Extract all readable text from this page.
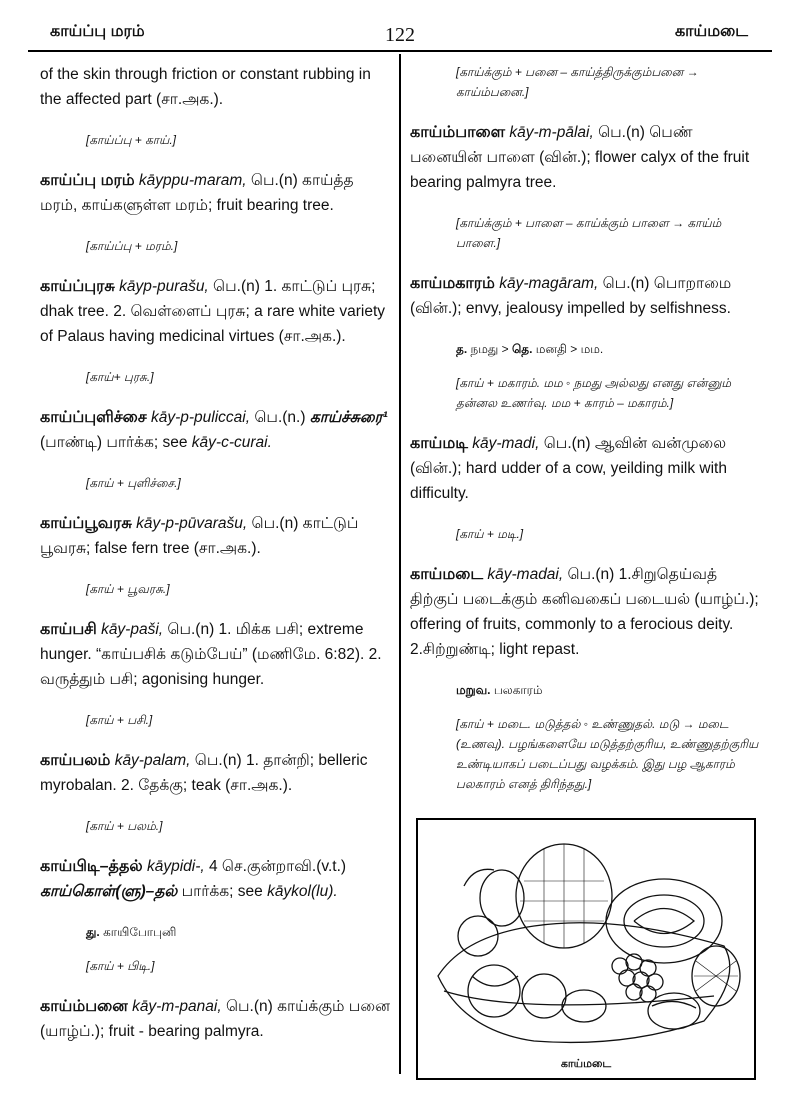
காய்ப்பு மரம்	122	காய்மடை

of the skin through friction or constant rubbing in the affected part (சா.அக.).

[காய்ப்பு + காய்.]

காய்ப்பு மரம் kāyppu-maram, பெ.(n) காய்த்த மரம், காய்களுள்ள மரம்; fruit bearing tree.

[காய்ப்பு + மரம்.]

காய்ப்புரசு kāyp-purašu, பெ.(n) 1. காட்டுப் புரசு; dhak tree. 2. வெள்ளைப் புரசு; a rare white variety of Palaus having medicinal virtues (சா.அக.).

[காய்+ புரசு.]

காய்ப்புளிச்சை kāy-p-puliccai, பெ.(n.) காய்ச்சுரை¹ (பாண்டி) பார்க்க; see kāy-c-curai.

[காய் + புளிச்சை.]

காய்ப்பூவரசு kāy-p-pūvarašu, பெ.(n) காட்டுப் பூவரசு; false fern tree (சா.அக.).

[காய் + பூவரசு.]

காய்பசி kāy-paši, பெ.(n) 1. மிக்க பசி; extreme hunger. “காய்பசிக் கடும்பேய்” (மணிமே. 6:82). 2. வருத்தும் பசி; agonising hunger.

[காய் + பசி.]

காய்பலம் kāy-palam, பெ.(n) 1. தான்றி; belleric myrobalan. 2. தேக்கு; teak (சா.அக.).

[காய் + பலம்.]

காய்பிடி–த்தல் kāypidi-, 4 செ.குன்றாவி.(v.t.) காய்கொள்(ளு)–தல் பார்க்க; see kāykol(lu).

து. காயிபோபுனி

[காய் + பிடி.]

காய்ம்பனை kāy-m-panai, பெ.(n) காய்க்கும் பனை (யாழ்ப்.); fruit - bearing palmyra.

[காய்க்கும் + பனை – காய்த்திருக்கும்பனை → காய்ம்பனை.]

காய்ம்பாளை kāy-m-pālai, பெ.(n) பெண் பனையின் பாளை (வின்.); flower calyx of the fruit bearing palmyra tree.

[காய்க்கும் + பாளை – காய்க்கும் பாளை → காய்ம் பாளை.]

காய்மகாரம் kāy-magāram, பெ.(n) பொறாமை (வின்.); envy, jealousy impelled by selfishness.

த. நமது > தெ. மனதி > மம.

[காய் + மகாரம். மம ◦ நமது அல்லது எனது என்னும் தன்னல உணர்வு. மம + காரம் – மகாரம்.]

காய்மடி kāy-madi, பெ.(n) ஆவின் வன்முலை (வின்.); hard udder of a cow, yeilding milk with difficulty.

[காய் + மடி.]

காய்மடை kāy-madai, பெ.(n) 1.சிறுதெய்வத் திற்குப் படைக்கும் கனிவகைப் படையல் (யாழ்ப்.); offering of fruits, commonly to a ferocious deity. 2.சிற்றுண்டி; light repast.

மறுவ. பலகாரம்

[காய் + மடை. மடுத்தல் ◦ உண்ணுதல். மடு → மடை (உணவு). பழங்களையே மடுத்தற்குரிய, உண்ணுதற்குரிய உண்டியாகப் படைப்பது வழக்கம். இது பழ ஆகாரம் பலகாரம் எனத் திரிந்தது.]

காய்மடை
